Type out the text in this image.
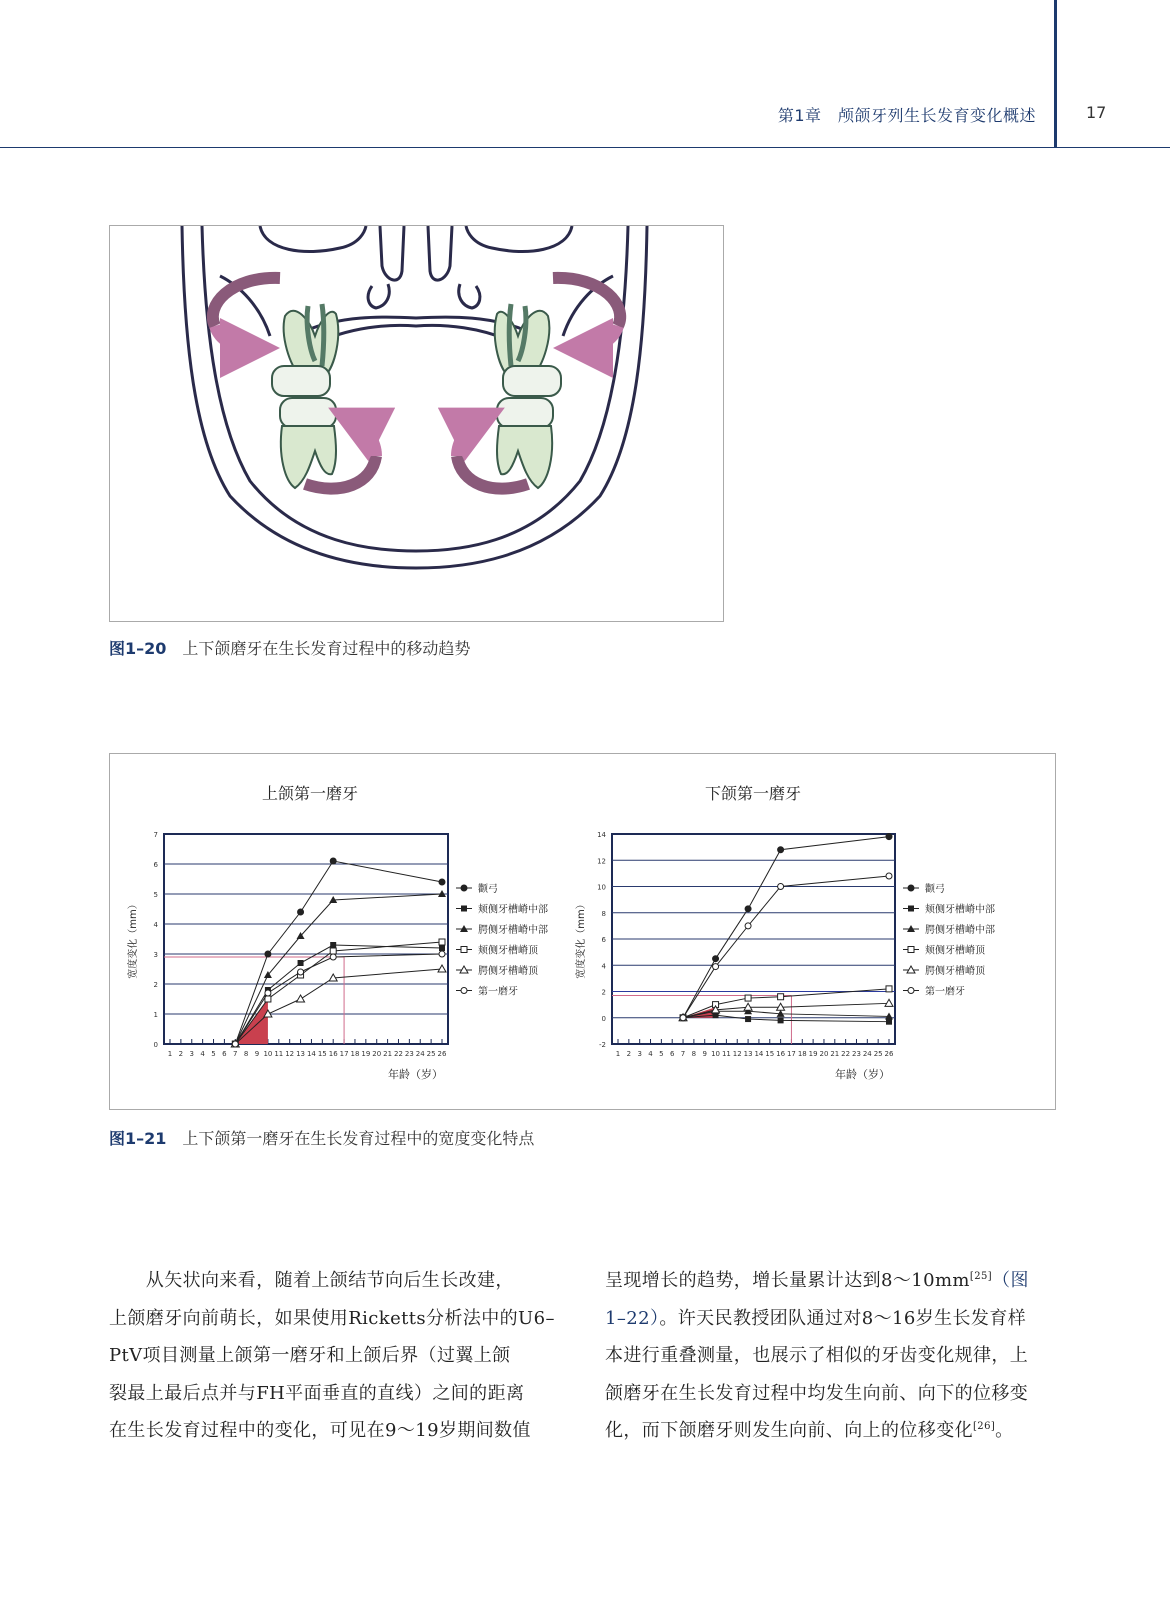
第1章　颅颌牙列生长发育变化概述	17
图1–20 上下颌磨牙在生长发育过程中的移动趋势
上颌第一磨牙
0
1
2
3
4
5
6
7
1 2 3 4 5 6 7 8 9 10 11 12 13 14 15 16 17 18 19 20 21 22 23 24 25 26
颧弓
颊侧牙槽嵴中部
腭侧牙槽嵴中部
颊侧牙槽嵴顶
腭侧牙槽嵴顶
第一磨牙
宽度变化（mm）
年龄（岁）
下颌第一磨牙
-2
0
2
4
6
8
10
12
14
1 2 3 4 5 6 7 8 9 10 11 12 13 14 15 16 17 18 19 20 21 22 23 24 25 26
颧弓
颊侧牙槽嵴中部
腭侧牙槽嵴中部
颊侧牙槽嵴顶
腭侧牙槽嵴顶
第一磨牙
宽度变化（mm）
年龄（岁）
图1–21 上下颌第一磨牙在生长发育过程中的宽度变化特点

　　从矢状向来看，随着上颌结节向后生长改建，

上颌磨牙向前萌长，如果使用Ricketts分析法中的U6–

PtV项目测量上颌第一磨牙和上颌后界（过翼上颌

裂最上最后点并与FH平面垂直的直线）之间的距离

在生长发育过程中的变化，可见在9～19岁期间数值

呈现增长的趋势，增长量累计达到8～10mm[25]（图

1–22）。许天民教授团队通过对8～16岁生长发育样

本进行重叠测量，也展示了相似的牙齿变化规律，上

颌磨牙在生长发育过程中均发生向前、向下的位移变

化，而下颌磨牙则发生向前、向上的位移变化[26]。
